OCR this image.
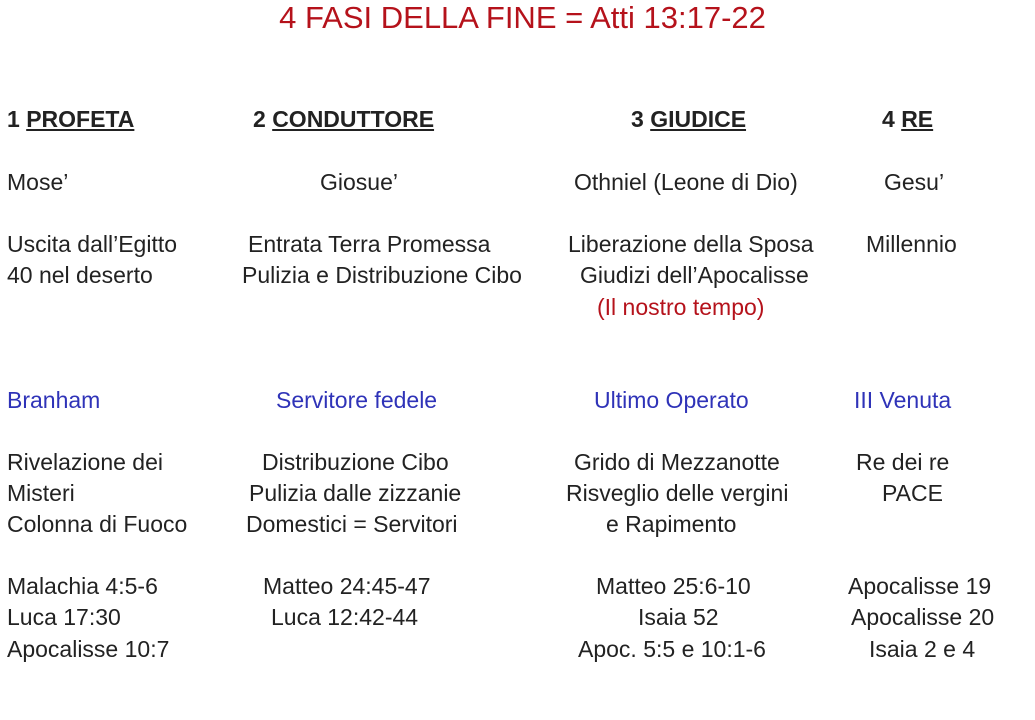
4 FASI DELLA FINE = Atti 13:17-22
1 PROFETA
Mose’
Uscita dall’Egitto
40 nel deserto
Branham
Rivelazione dei
Misteri
Colonna di Fuoco
Malachia 4:5-6
Luca 17:30
Apocalisse 10:7
2 CONDUTTORE
Giosue’
Entrata Terra Promessa
Pulizia e Distribuzione Cibo
Servitore fedele
Distribuzione Cibo
Pulizia dalle zizzanie
Domestici = Servitori
Matteo 24:45-47
Luca 12:42-44
3 GIUDICE
Othniel (Leone di Dio)
Liberazione della Sposa
Giudizi dell’Apocalisse
(Il nostro tempo)
Ultimo Operato
Grido di Mezzanotte
Risveglio delle vergini
e Rapimento
Matteo 25:6-10
Isaia 52
Apoc. 5:5 e 10:1-6
4 RE
Gesu’
Millennio
III Venuta
Re dei re
PACE
Apocalisse 19
Apocalisse 20
Isaia 2 e 4
